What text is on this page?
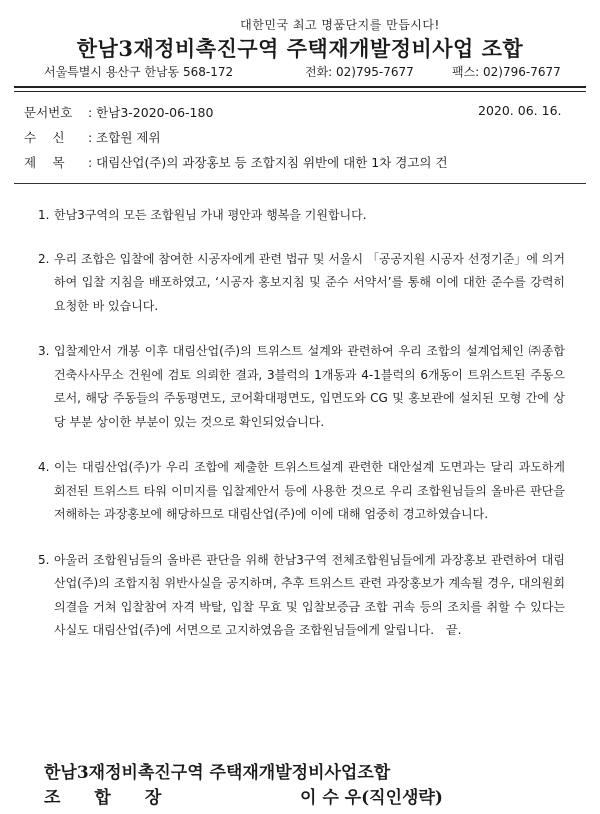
대한민국 최고 명품단지를 만듭시다!
한남3재정비촉진구역 주택재개발정비사업 조합
서울특별시 용산구 한남동 568-172	전화: 02)795-7677	팩스: 02)796-7677
문서번호 : 한남3-2020-06-180	2020. 06. 16.
수　 신 : 조합원 제위
제　 목 : 대림산업(주)의 과장홍보 등 조합지침 위반에 대한 1차 경고의 건
1. 한남3구역의 모든 조합원님 가내 평안과 행복을 기원합니다.
2. 우리 조합은 입찰에 참여한 시공자에게 관련 법규 및 서울시 「공공지원 시공자 선정기준」에 의거하여 입찰 지침을 배포하였고, ‘시공자 홍보지침 및 준수 서약서’를 통해 이에 대한 준수를 강력히 요청한 바 있습니다.
3. 입찰제안서 개봉 이후 대림산업(주)의 트위스트 설계와 관련하여 우리 조합의 설계업체인 ㈜종합건축사사무소 건원에 검토 의뢰한 결과, 3블럭의 1개동과 4-1블럭의 6개동이 트위스트된 주동으로서, 해당 주동들의 주동평면도, 코어확대평면도, 입면도와 CG 및 홍보관에 설치된 모형 간에 상당 부분 상이한 부분이 있는 것으로 확인되었습니다.
4. 이는 대림산업(주)가 우리 조합에 제출한 트위스트설계 관련한 대안설계 도면과는 달리 과도하게 회전된 트위스트 타워 이미지를 입찰제안서 등에 사용한 것으로 우리 조합원님들의 올바른 판단을 저해하는 과장홍보에 해당하므로 대림산업(주)에 이에 대해 엄중히 경고하였습니다.
5. 아울러 조합원님들의 올바른 판단을 위해 한남3구역 전체조합원님들에게 과장홍보 관련하여 대림산업(주)의 조합지침 위반사실을 공지하며, 추후 트위스트 관련 과장홍보가 계속될 경우, 대의원회 의결을 거쳐 입찰참여 자격 박탈, 입찰 무효 및 입찰보증금 조합 귀속 등의 조치를 취할 수 있다는 사실도 대림산업(주)에 서면으로 고지하였음을 조합원님들에게 알립니다.　끝.
한남3재정비촉진구역 주택재개발정비사업조합
조　　합　　장	이 수 우(직인생략)
